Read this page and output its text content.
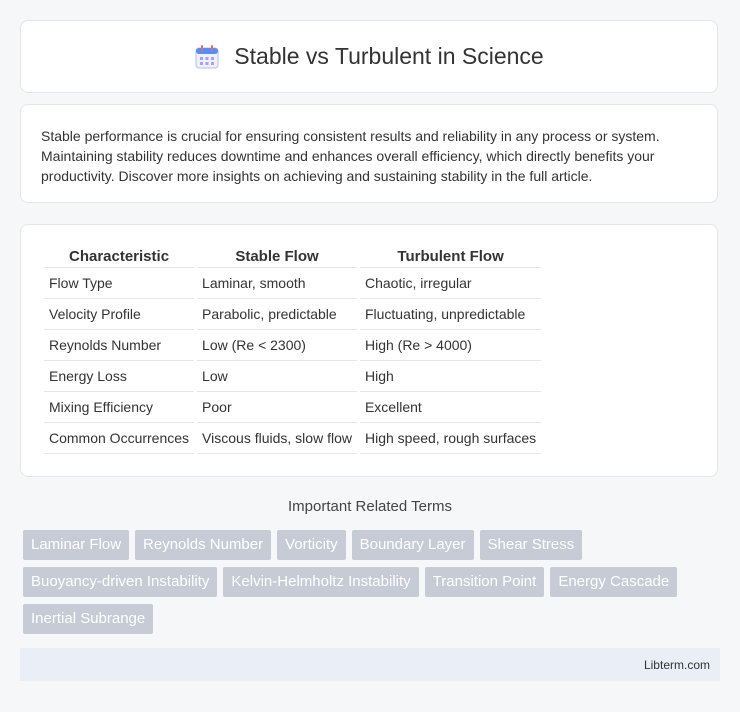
Stable vs Turbulent in Science
Stable performance is crucial for ensuring consistent results and reliability in any process or system. Maintaining stability reduces downtime and enhances overall efficiency, which directly benefits your productivity. Discover more insights on achieving and sustaining stability in the full article.
Characteristic	Stable Flow	Turbulent Flow
Flow Type	Laminar, smooth	Chaotic, irregular
Velocity Profile	Parabolic, predictable	Fluctuating, unpredictable
Reynolds Number	Low (Re < 2300)	High (Re > 4000)
Energy Loss	Low	High
Mixing Efficiency	Poor	Excellent
Common Occurrences	Viscous fluids, slow flow	High speed, rough surfaces
Important Related Terms
Laminar Flow	Reynolds Number	Vorticity	Boundary Layer	Shear Stress
Buoyancy-driven Instability	Kelvin-Helmholtz Instability	Transition Point	Energy Cascade
Inertial Subrange
Libterm.com
